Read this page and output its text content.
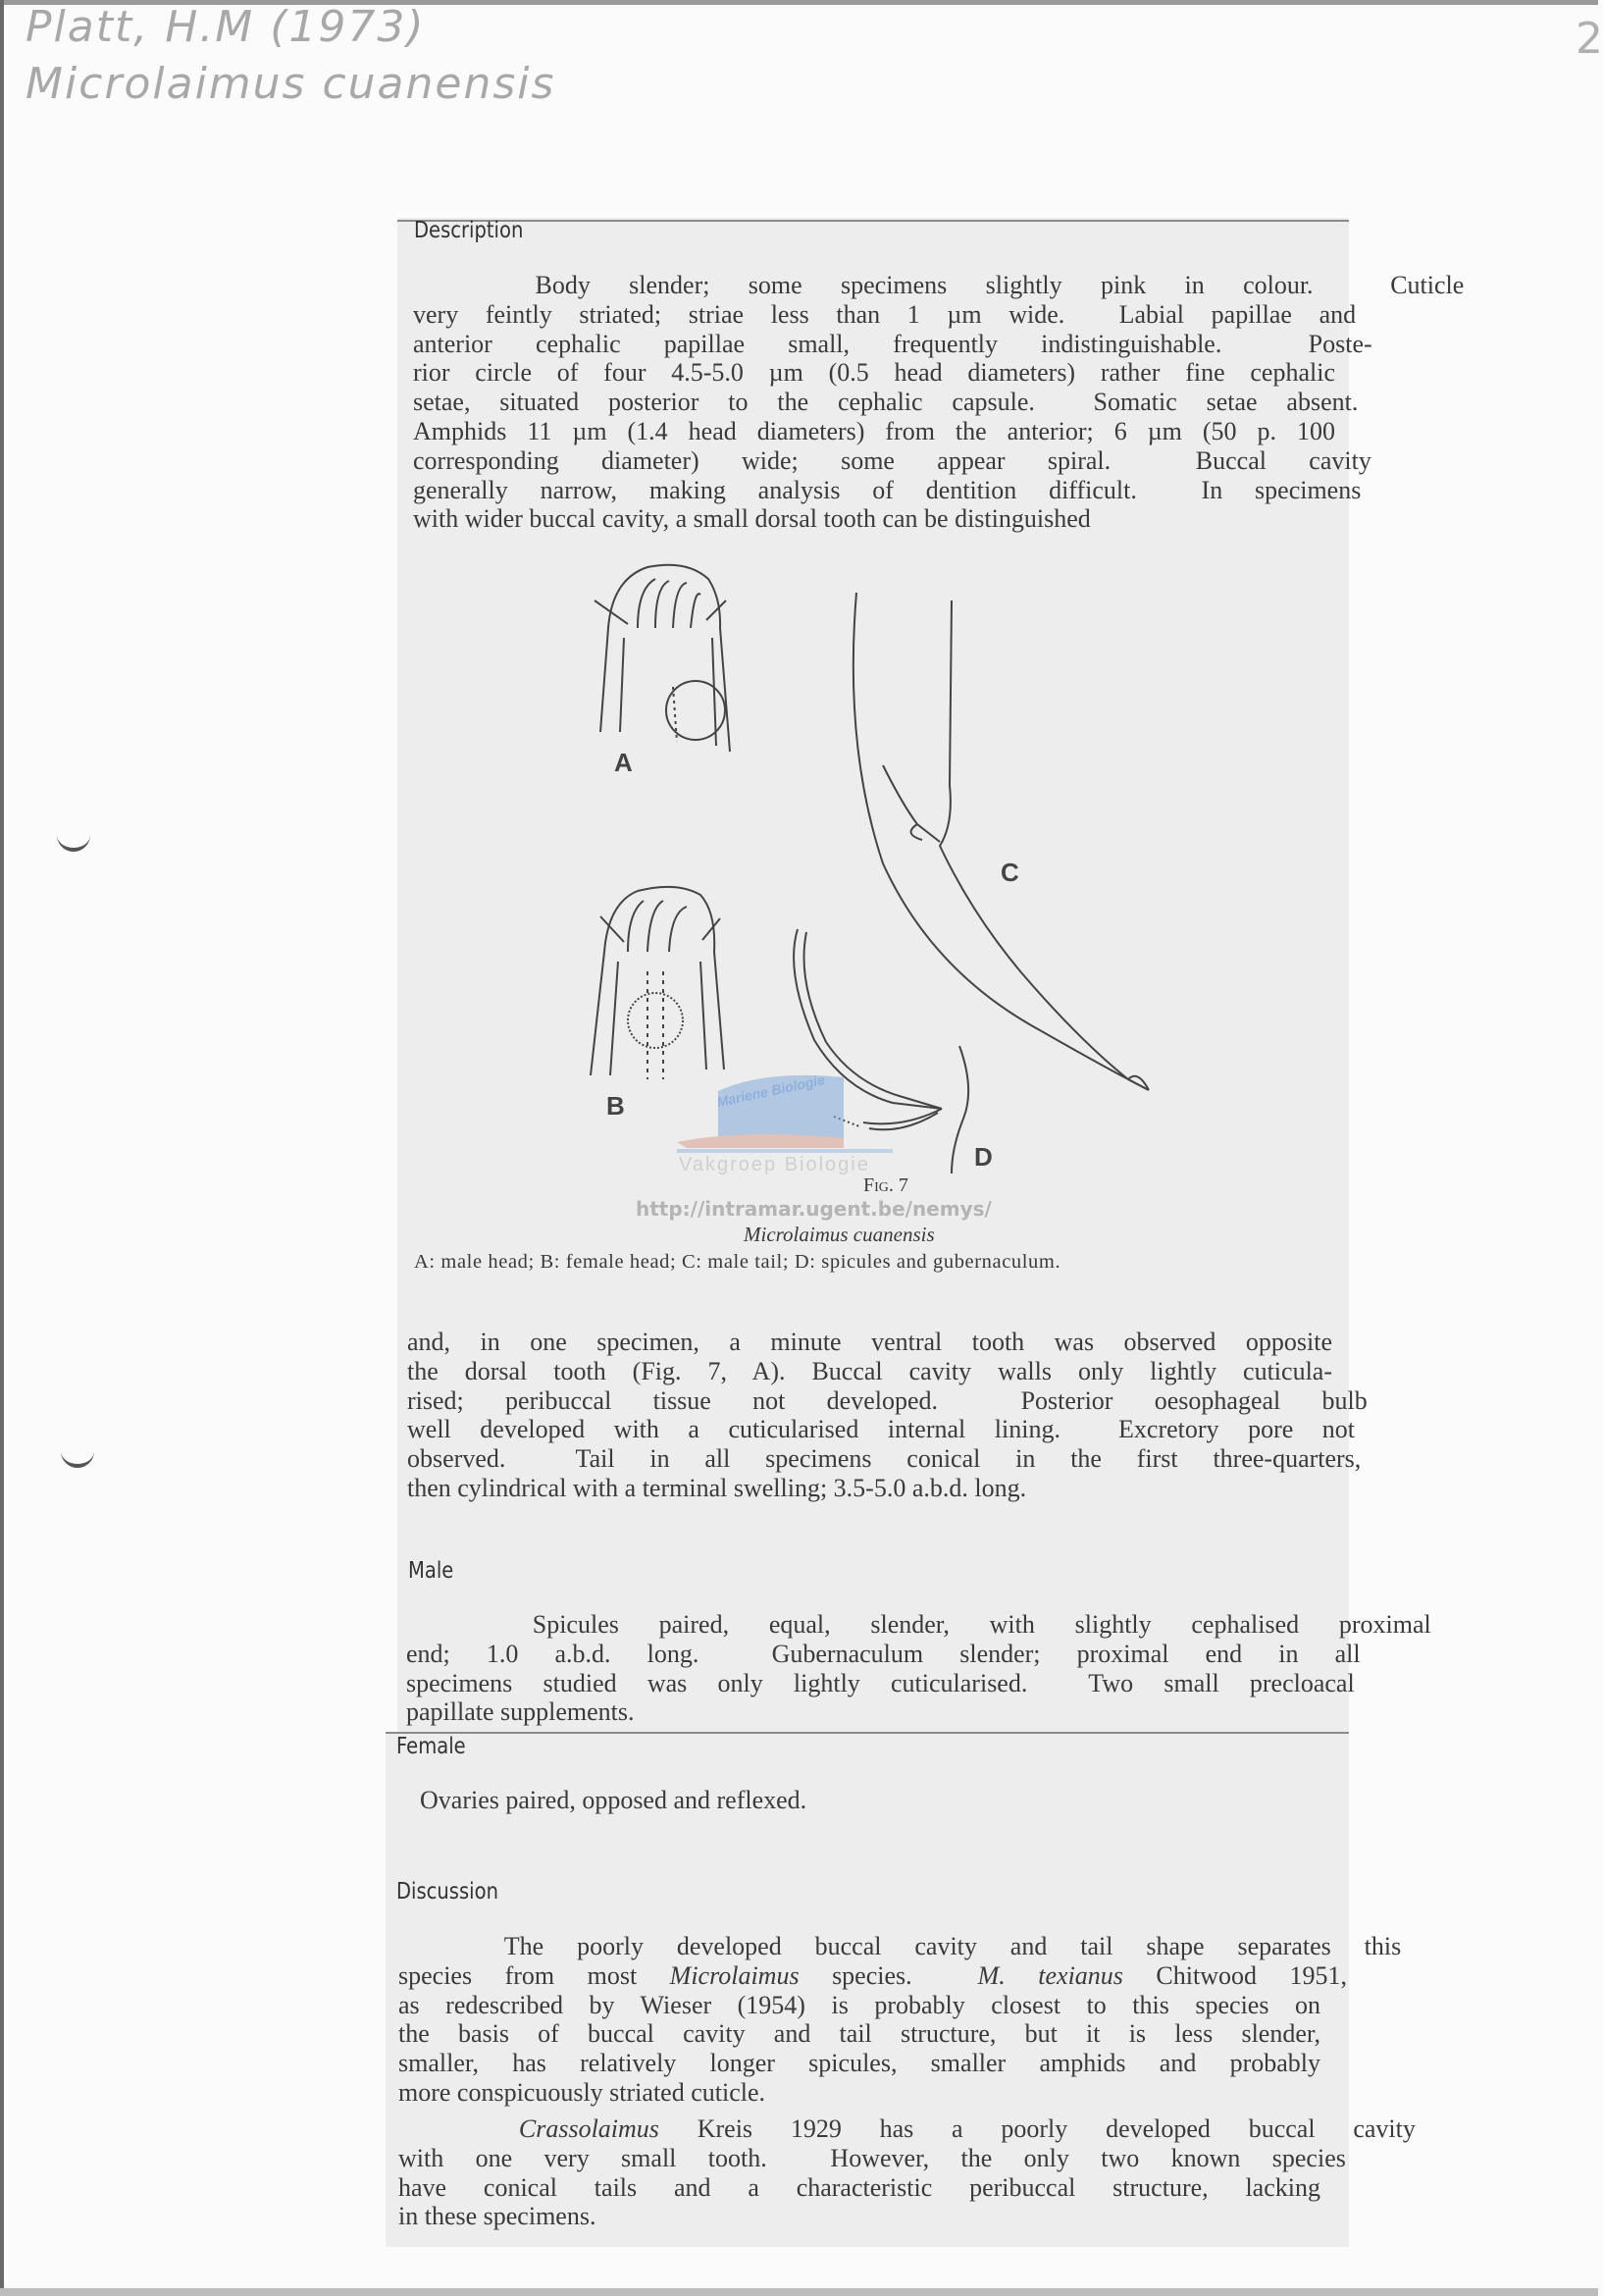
Platt, H.M (1973)
Microlaimus cuanensis
2
Description
Body slender; some specimens slightly pink in colour.  Cuticle
very feintly striated; striae less than 1 µm wide.  Labial papillae and
anterior cephalic papillae small, frequently indistinguishable.  Poste-
rior circle of four 4.5-5.0 µm (0.5 head diameters) rather fine cephalic
setae, situated posterior to the cephalic capsule.  Somatic setae absent.
Amphids 11 µm (1.4 head diameters) from the anterior; 6 µm (50 p. 100
corresponding diameter) wide; some appear spiral.  Buccal cavity
generally narrow, making analysis of dentition difficult.  In specimens
with wider buccal cavity, a small dorsal tooth can be distinguished
A
B
C
D
Mariene Biologie
Vakgroep Biologie
Fig. 7
http://intramar.ugent.be/nemys/
Microlaimus cuanensis
A: male head; B: female head; C: male tail; D: spicules and gubernaculum.
and, in one specimen, a minute ventral tooth was observed opposite
the dorsal tooth (Fig. 7, A). Buccal cavity walls only lightly cuticula-
rised; peribuccal tissue not developed.  Posterior oesophageal bulb
well developed with a cuticularised internal lining.  Excretory pore not
observed.  Tail in all specimens conical in the first three-quarters,
then cylindrical with a terminal swelling; 3.5-5.0 a.b.d. long.
Male
Spicules paired, equal, slender, with slightly cephalised proximal
end; 1.0 a.b.d. long.  Gubernaculum slender; proximal end in all
specimens studied was only lightly cuticularised.  Two small precloacal
papillate supplements.
Female
Ovaries paired, opposed and reflexed.
Discussion
The poorly developed buccal cavity and tail shape separates this
species from most Microlaimus species.  M. texianus Chitwood 1951,
as redescribed by Wieser (1954) is probably closest to this species on
the basis of buccal cavity and tail structure, but it is less slender,
smaller, has relatively longer spicules, smaller amphids and probably
more conspicuously striated cuticle.
Crassolaimus Kreis 1929 has a poorly developed buccal cavity
with one very small tooth.  However, the only two known species
have conical tails and a characteristic peribuccal structure, lacking
in these specimens.
